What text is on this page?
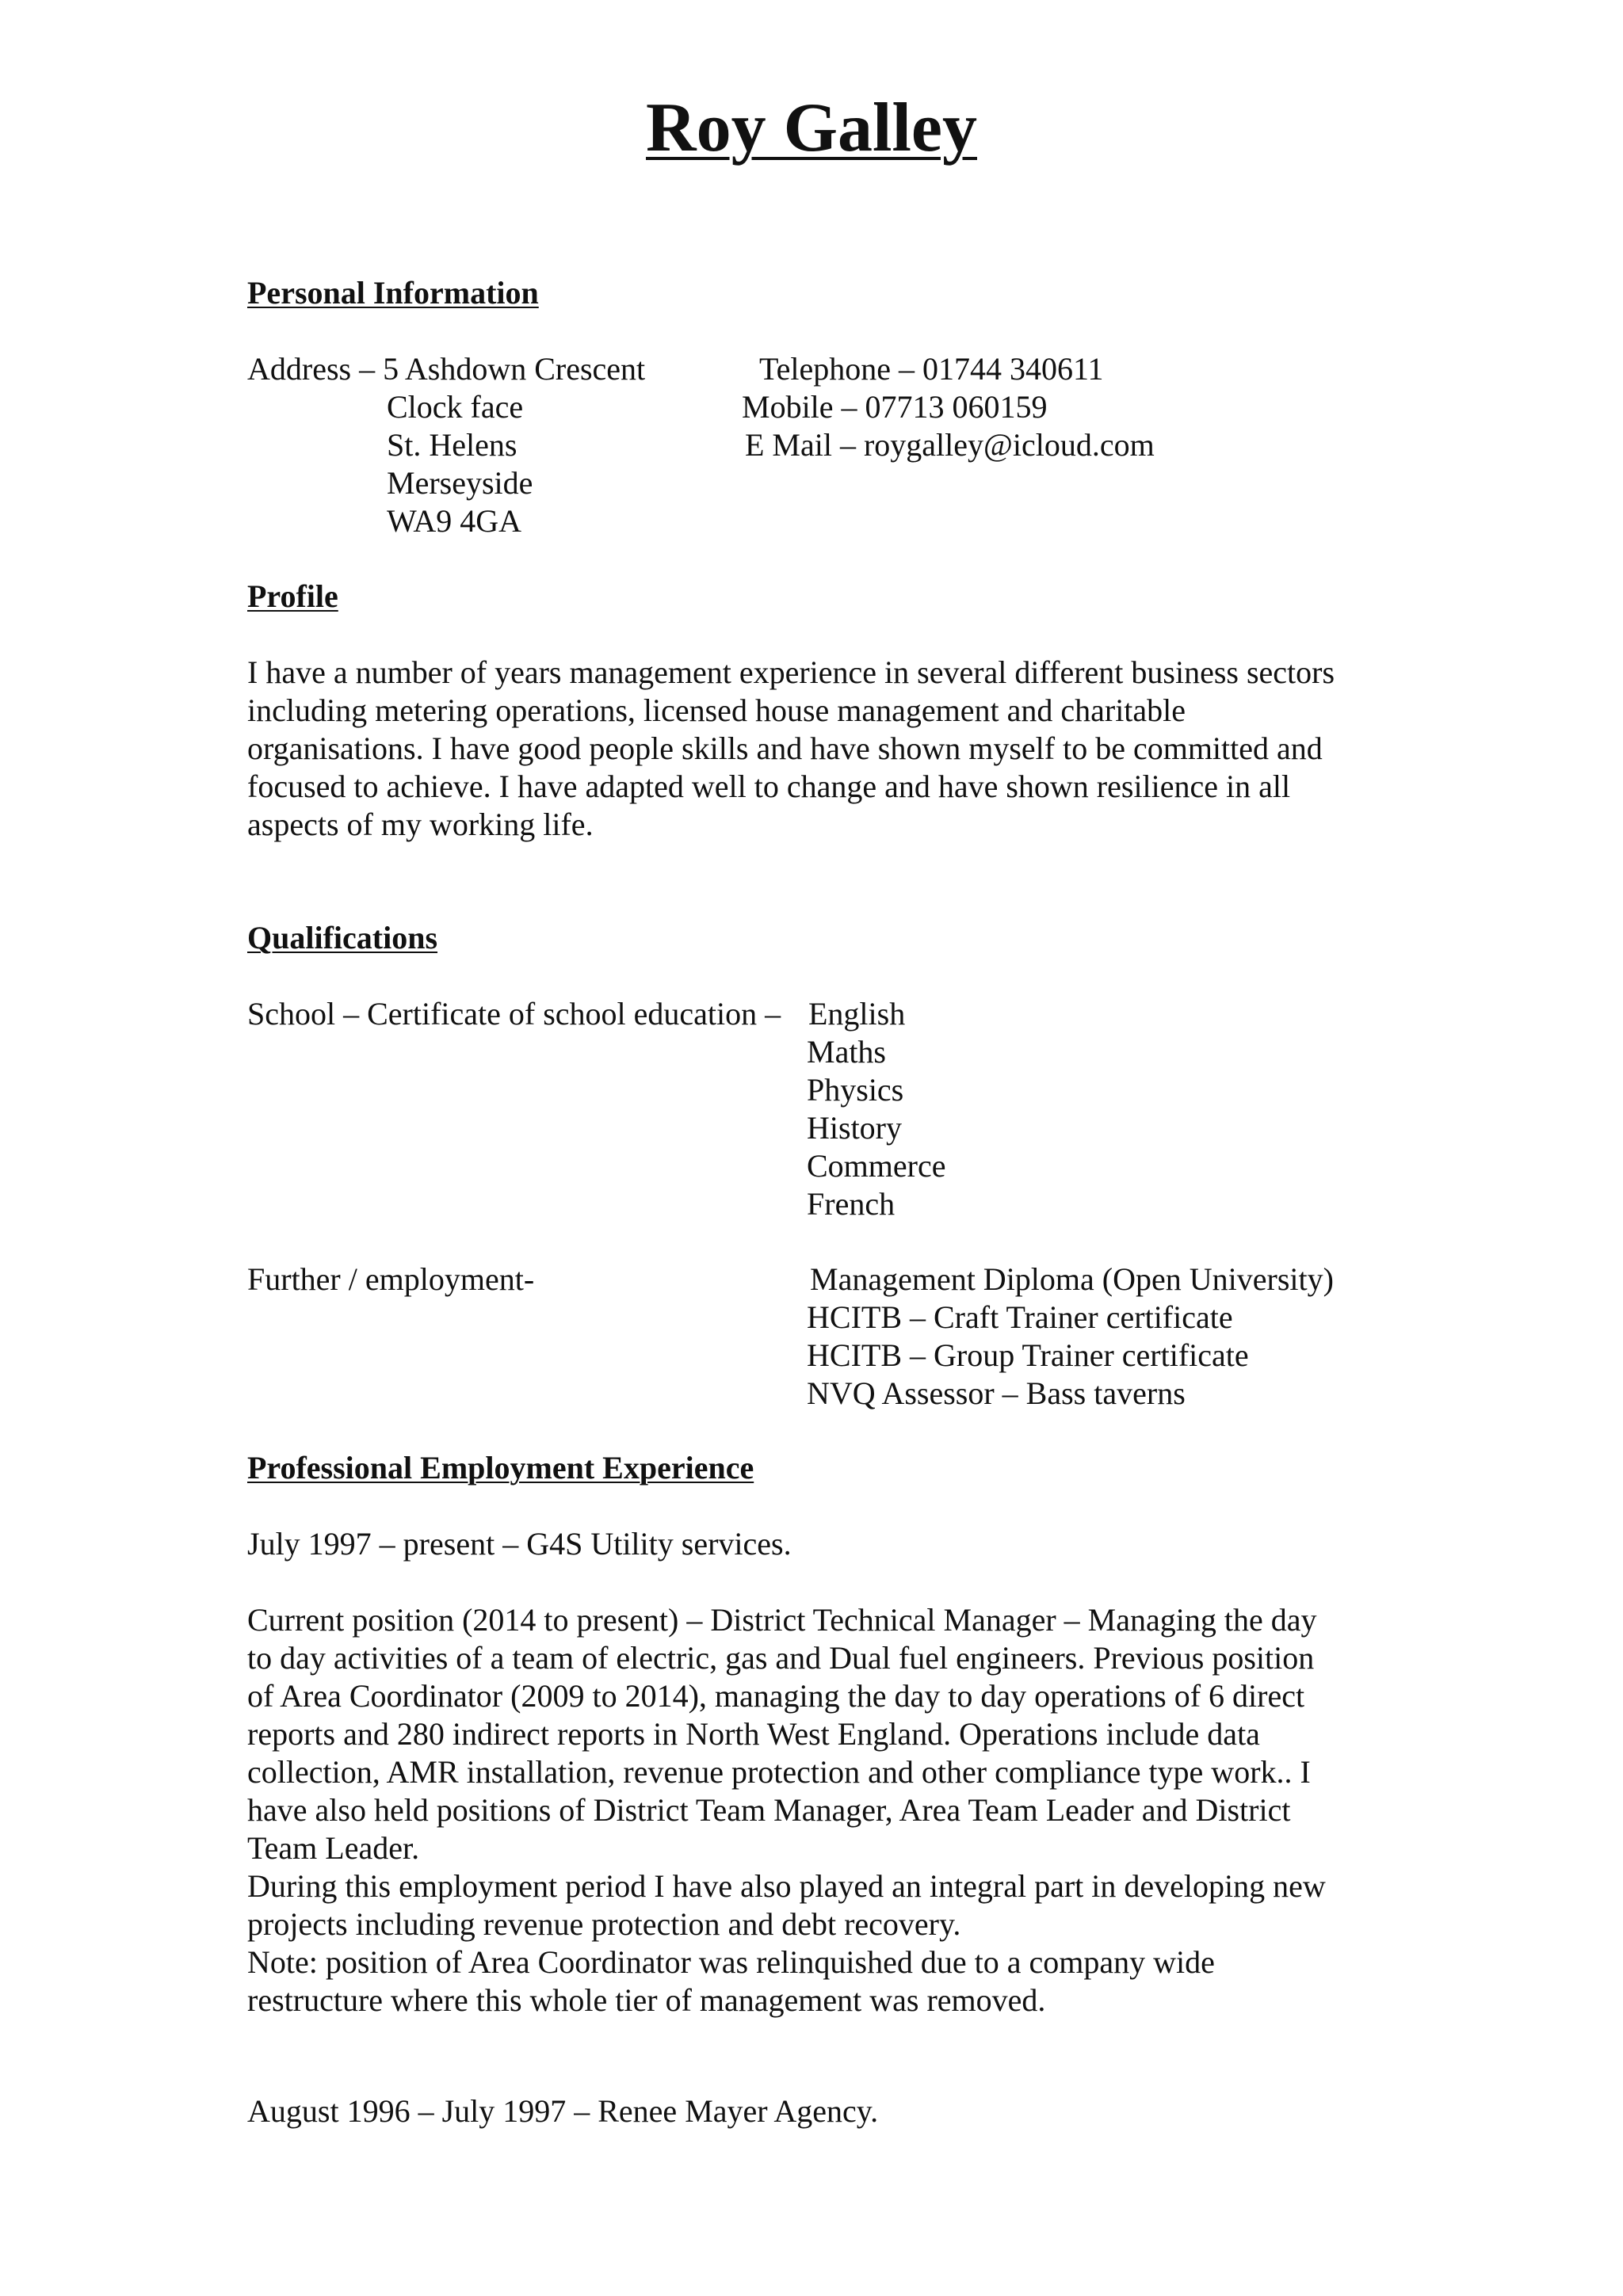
Roy Galley
Personal Information
Address – 5 Ashdown Crescent
Clock face
St. Helens
Merseyside
WA9 4GA
Telephone – 01744 340611
Mobile – 07713 060159
E Mail – roygalley@icloud.com
Profile
I have a number of years management experience in several different business sectors
including metering operations, licensed house management and charitable
organisations. I have good people skills and have shown myself to be committed and
focused to achieve. I have adapted well to change and have shown resilience in all
aspects of my working life.
Qualifications
School – Certificate of school education – English
Maths
Physics
History
Commerce
French
Further / employment-	Management Diploma (Open University)
HCITB – Craft Trainer certificate
HCITB – Group Trainer certificate
NVQ Assessor – Bass taverns
Professional Employment Experience
July 1997 – present – G4S Utility services.
Current position (2014 to present) – District Technical Manager – Managing the day
to day activities of a team of electric, gas and Dual fuel engineers. Previous position
of Area Coordinator (2009 to 2014), managing the day to day operations of 6 direct
reports and 280 indirect reports in North West England. Operations include data
collection, AMR installation, revenue protection and other compliance type work.. I
have also held positions of District Team Manager, Area Team Leader and District
Team Leader.
During this employment period I have also played an integral part in developing new
projects including revenue protection and debt recovery.
Note: position of Area Coordinator was relinquished due to a company wide
restructure where this whole tier of management was removed.
August 1996 – July 1997 – Renee Mayer Agency.
